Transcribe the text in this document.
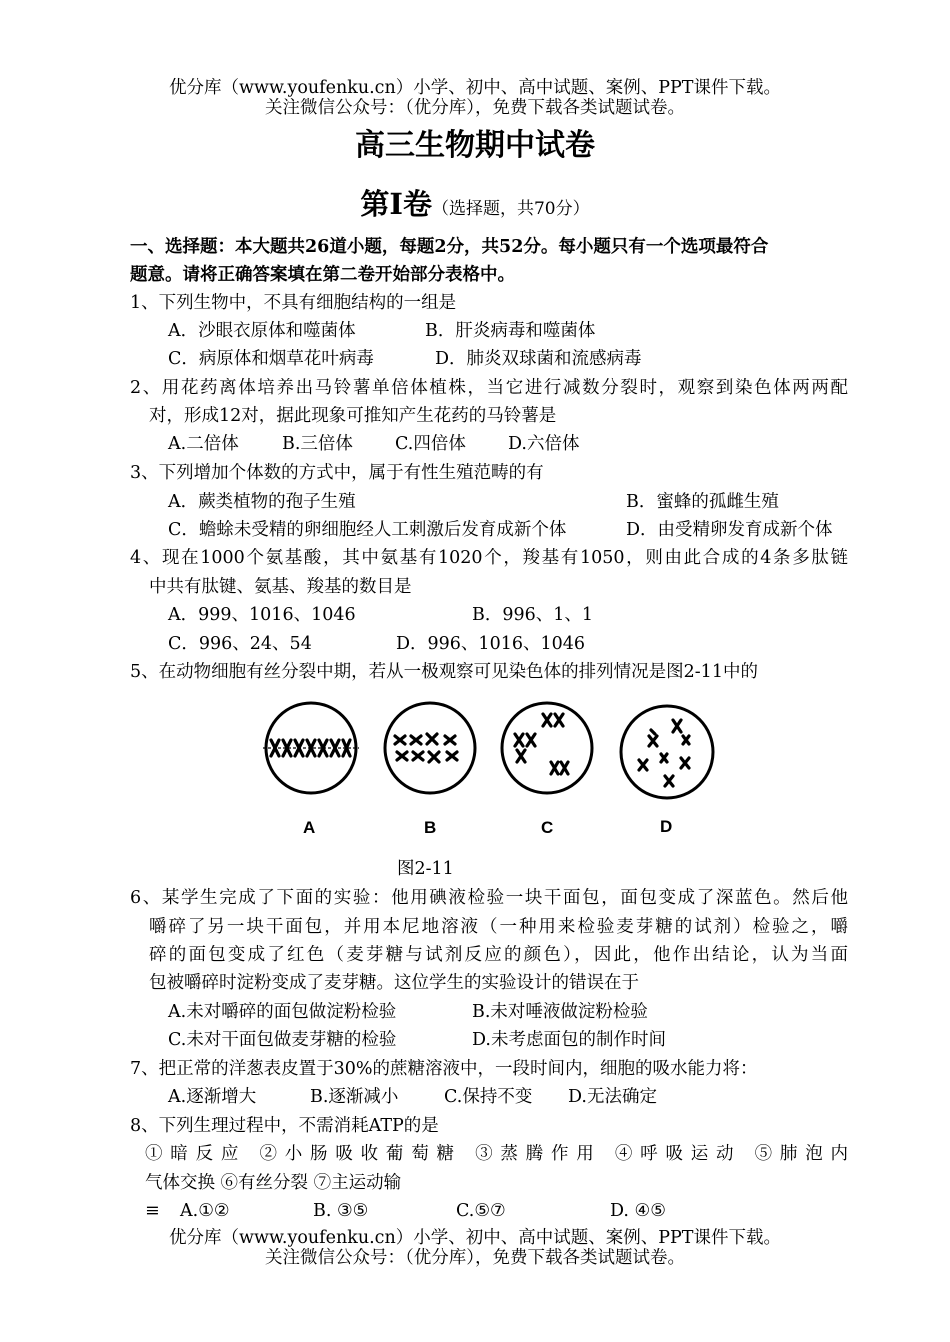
优分库（www.youfenku.cn）小学、初中、高中试题、案例、PPT课件下载。
关注微信公众号：（优分库），免费下载各类试题试卷。
高三生物期中试卷
第Ⅰ卷（选择题，共70分）
一、选择题：本大题共26道小题，每题2分，共52分。每小题只有一个选项最符合
题意。请将正确答案填在第二卷开始部分表格中。
1、下列生物中，不具有细胞结构的一组是
A．沙眼衣原体和噬菌体	B．肝炎病毒和噬菌体
C．病原体和烟草花叶病毒	D．肺炎双球菌和流感病毒
2、用花药离体培养出马铃薯单倍体植株，当它进行减数分裂时，观察到染色体两两配
对，形成12对，据此现象可推知产生花药的马铃薯是
A.二倍体 B.三倍体 C.四倍体 D.六倍体
3、下列增加个体数的方式中，属于有性生殖范畴的有
A．蕨类植物的孢子生殖	B．蜜蜂的孤雌生殖
C．蟾蜍未受精的卵细胞经人工刺激后发育成新个体	D．由受精卵发育成新个体
4、现在1000个氨基酸，其中氨基有1020个，羧基有1050，则由此合成的4条多肽链
中共有肽键、氨基、羧基的数目是
A．999、1016、1046	B．996、1、1
C．996、24、54	D．996、1016、1046
5、在动物细胞有丝分裂中期，若从一极观察可见染色体的排列情况是图2-11中的
A	B	C	D
图2-11
6、某学生完成了下面的实验：他用碘液检验一块干面包，面包变成了深蓝色。然后他
嚼碎了另一块干面包，并用本尼地溶液（一种用来检验麦芽糖的试剂）检验之，嚼
碎的面包变成了红色（麦芽糖与试剂反应的颜色），因此，他作出结论，认为当面
包被嚼碎时淀粉变成了麦芽糖。这位学生的实验设计的错误在于
A.未对嚼碎的面包做淀粉检验	B.未对唾液做淀粉检验
C.未对干面包做麦芽糖的检验	D.未考虑面包的制作时间
7、把正常的洋葱表皮置于30%的蔗糖溶液中，一段时间内，细胞的吸水能力将：
A.逐渐增大	B.逐渐减小	C.保持不变 D.无法确定
8、下列生理过程中，不需消耗ATP的是
①暗反应 ②小肠吸收葡萄糖 ③蒸腾作用 ④呼吸运动 ⑤肺泡内
气体交换 ⑥有丝分裂 ⑦主运动输
≡ A.①②	B. ③⑤	C.⑤⑦	D. ④⑤
优分库（www.youfenku.cn）小学、初中、高中试题、案例、PPT课件下载。
关注微信公众号：（优分库），免费下载各类试题试卷。
